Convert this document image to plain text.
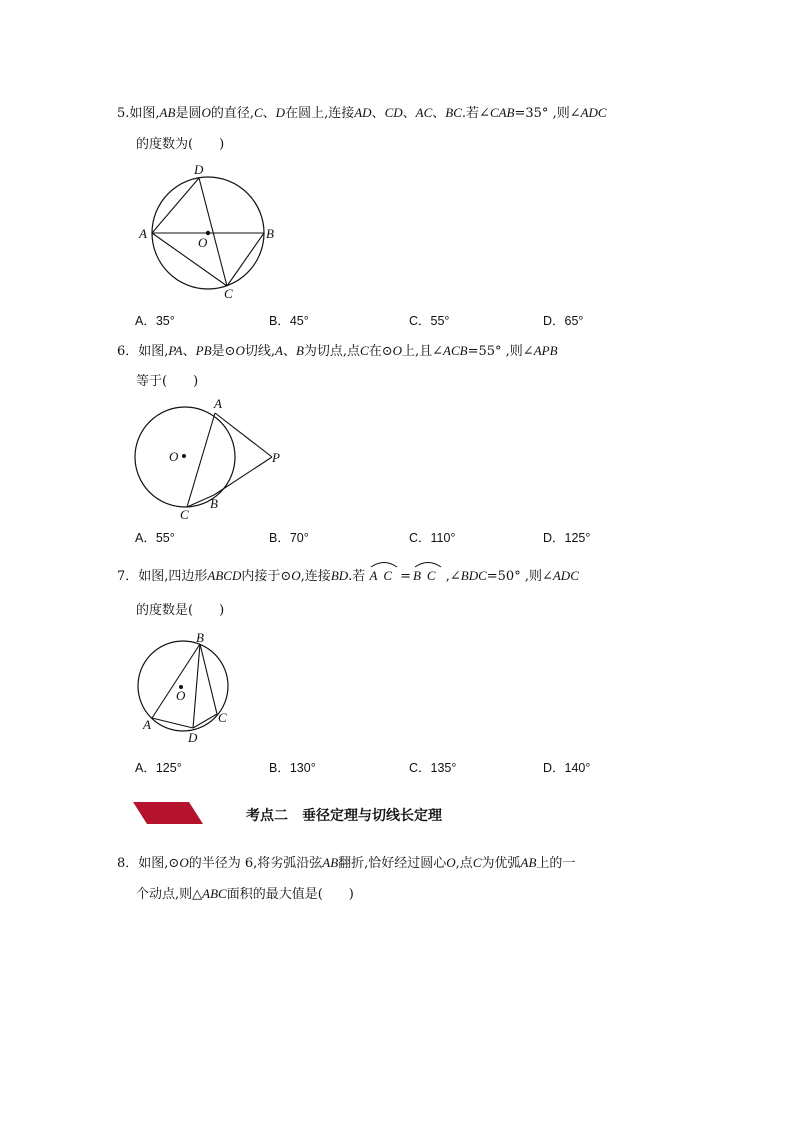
5.如图,AB是圆O的直径,C、D在圆上,连接AD、CD、AC、BC.若∠CAB=35° ,则∠ADC
的度数为(　　)
D
A
O
B
C
A．35°	B．45°	C．55°	D．65°
6．如图,PA、PB是⊙O切线,A、B为切点,点C在⊙O上,且∠ACB=55° ,则∠APB
等于(　　)
A
O	P
B
C
A．55°	B．70°	C．110°	D．125°
7．如图,四边形ABCD内接于⊙O,连接BD.若 AC = BC ,∠BDC=50° ,则∠ADC
的度数是(　　)
B
O
A	C
D
A．125°	B．130°	C．135°	D．140°
考点二　垂径定理与切线长定理
8．如图,⊙O的半径为 6,将劣弧沿弦AB翻折,恰好经过圆心O,点C为优弧AB上的一
个动点,则△ABC面积的最大值是(　　)
